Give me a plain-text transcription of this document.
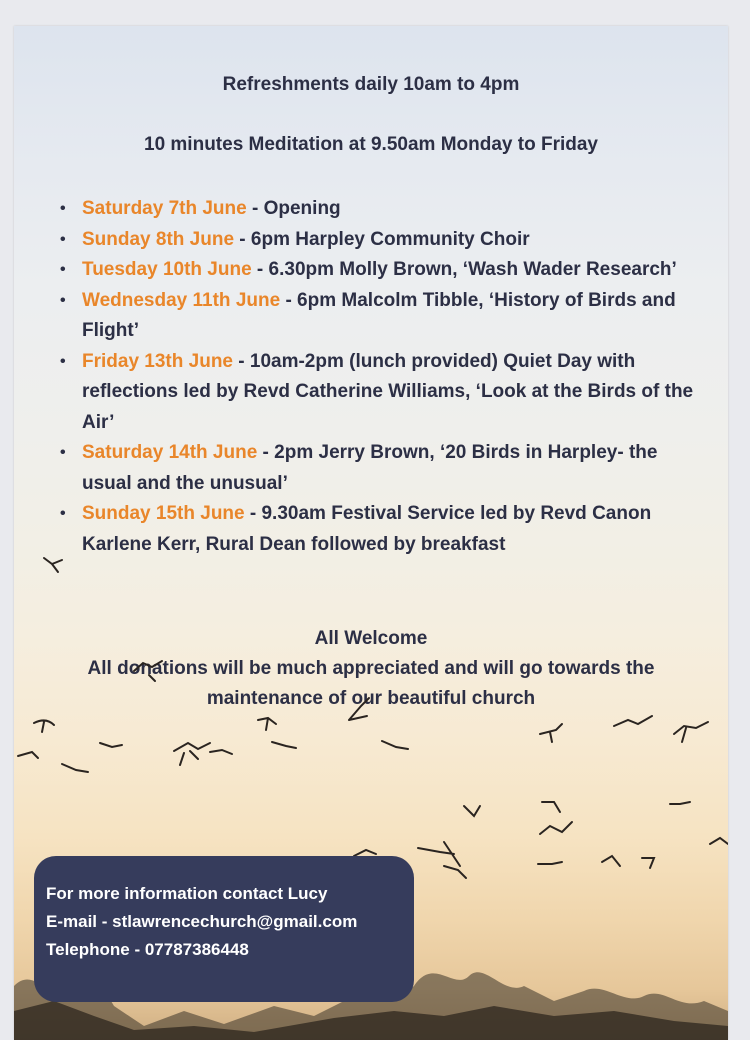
Refreshments daily 10am to 4pm
10 minutes Meditation at 9.50am Monday to Friday
• Saturday 7th June - Opening
• Sunday 8th June - 6pm Harpley Community Choir
• Tuesday 10th June - 6.30pm Molly Brown, ‘Wash Wader Research’
• Wednesday 11th June - 6pm Malcolm Tibble, ‘History of Birds and Flight’
• Friday 13th June - 10am-2pm (lunch provided) Quiet Day with reflections led by Revd Catherine Williams, ‘Look at the Birds of the Air’
• Saturday 14th June - 2pm Jerry Brown, ‘20 Birds in Harpley- the usual and the unusual’
• Sunday 15th June - 9.30am Festival Service led by Revd Canon Karlene Kerr, Rural Dean followed by breakfast
All Welcome
All donations will be much appreciated and will go towards the
maintenance of our beautiful church
For more information contact Lucy
E-mail - stlawrencechurch@gmail.com
Telephone - 07787386448
